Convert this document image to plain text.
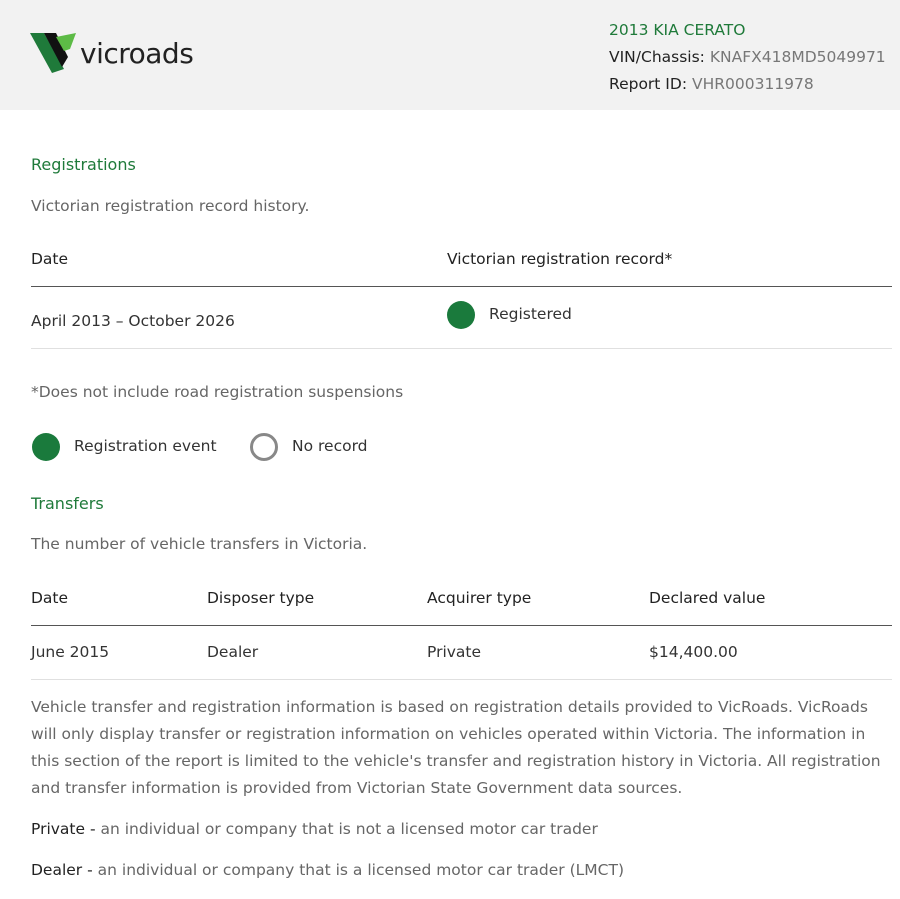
vicroads
2013 KIA CERATO
VIN/Chassis: KNAFX418MD5049971
Report ID: VHR000311978
Registrations
Victorian registration record history.
Date	Victorian registration record*
April 2013 – October 2026	Registered
*Does not include road registration suspensions
Registration event	No record
Transfers
The number of vehicle transfers in Victoria.
Date	Disposer type	Acquirer type	Declared value
June 2015	Dealer	Private	$14,400.00
Vehicle transfer and registration information is based on registration details provided to VicRoads. VicRoads will only display transfer or registration information on vehicles operated within Victoria. The information in this section of the report is limited to the vehicle's transfer and registration history in Victoria. All registration and transfer information is provided from Victorian State Government data sources.
Private - an individual or company that is not a licensed motor car trader
Dealer - an individual or company that is a licensed motor car trader (LMCT)
